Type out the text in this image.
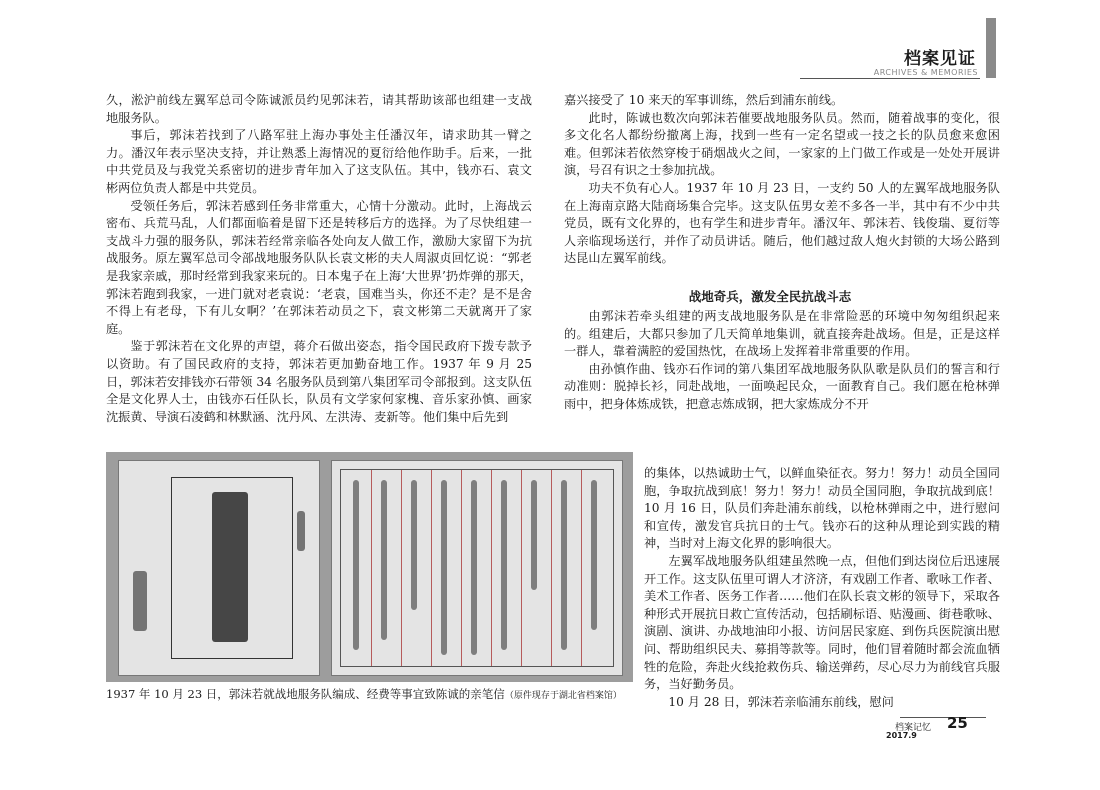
档案见证
ARCHIVES & MEMORIES

久，淞沪前线左翼军总司令陈诚派员约见郭沫若，请其帮助该部也组建一支战地服务队。

事后，郭沫若找到了八路军驻上海办事处主任潘汉年，请求助其一臂之力。潘汉年表示坚决支持，并让熟悉上海情况的夏衍给他作助手。后来，一批中共党员及与我党关系密切的进步青年加入了这支队伍。其中，钱亦石、袁文彬两位负责人都是中共党员。

受领任务后，郭沫若感到任务非常重大，心情十分激动。此时，上海战云密布、兵荒马乱，人们都面临着是留下还是转移后方的选择。为了尽快组建一支战斗力强的服务队，郭沫若经常亲临各处向友人做工作，激励大家留下为抗战服务。原左翼军总司令部战地服务队队长袁文彬的夫人周淑贞回忆说：“郭老是我家亲戚，那时经常到我家来玩的。日本鬼子在上海‘大世界’扔炸弹的那天，郭沫若跑到我家，一进门就对老袁说：‘老袁，国难当头，你还不走？是不是舍不得上有老母，下有儿女啊？’在郭沫若动员之下，袁文彬第二天就离开了家庭。

鉴于郭沫若在文化界的声望，蒋介石做出姿态，指令国民政府下拨专款予以资助。有了国民政府的支持，郭沫若更加勤奋地工作。1937 年 9 月 25 日，郭沫若安排钱亦石带领 34 名服务队员到第八集团军司令部报到。这支队伍全是文化界人士，由钱亦石任队长，队员有文学家何家槐、音乐家孙慎、画家沈振黄、导演石凌鹤和林默涵、沈丹风、左洪涛、麦新等。他们集中后先到

嘉兴接受了 10 来天的军事训练，然后到浦东前线。

此时，陈诚也数次向郭沫若催要战地服务队员。然而，随着战事的变化，很多文化名人都纷纷撤离上海，找到一些有一定名望或一技之长的队员愈来愈困难。但郭沫若依然穿梭于硝烟战火之间，一家家的上门做工作或是一处处开展讲演，号召有识之士参加抗战。

功夫不负有心人。1937 年 10 月 23 日，一支约 50 人的左翼军战地服务队在上海南京路大陆商场集合完毕。这支队伍男女差不多各一半，其中有不少中共党员，既有文化界的，也有学生和进步青年。潘汉年、郭沫若、钱俊瑞、夏衍等人亲临现场送行，并作了动员讲话。随后，他们越过敌人炮火封锁的大场公路到达昆山左翼军前线。

战地奇兵，激发全民抗战斗志

由郭沫若牵头组建的两支战地服务队是在非常险恶的环境中匆匆组织起来的。组建后，大都只参加了几天简单地集训，就直接奔赴战场。但是，正是这样一群人，靠着满腔的爱国热忱，在战场上发挥着非常重要的作用。

由孙慎作曲、钱亦石作词的第八集团军战地服务队队歌是队员们的誓言和行动准则：脱掉长衫，同赴战地，一面唤起民众，一面教育自己。我们愿在枪林弹雨中，把身体炼成铁，把意志炼成钢，把大家炼成分不开

的集体，以热诚助士气，以鲜血染征衣。努力！努力！动员全国同胞，争取抗战到底！努力！努力！动员全国同胞，争取抗战到底！10 月 16 日，队员们奔赴浦东前线，以枪林弹雨之中，进行慰问和宣传，激发官兵抗日的士气。钱亦石的这种从理论到实践的精神，当时对上海文化界的影响很大。

左翼军战地服务队组建虽然晚一点，但他们到达岗位后迅速展开工作。这支队伍里可谓人才济济，有戏剧工作者、歌咏工作者、美术工作者、医务工作者……他们在队长袁文彬的领导下，采取各种形式开展抗日救亡宣传活动，包括刷标语、贴漫画、街巷歌咏、演剧、演讲、办战地油印小报、访问居民家庭、到伤兵医院演出慰问、帮助组织民夫、募捐等款等。同时，他们冒着随时都会流血牺牲的危险，奔赴火线抢救伤兵、输送弹药，尽心尽力为前线官兵服务，当好勤务员。

10 月 28 日，郭沫若亲临浦东前线，慰问

1937 年 10 月 23 日，郭沫若就战地服务队编成、经费等事宜致陈诚的亲笔信（原件现存于湖北省档案馆）
档案记忆 25
2017.9
